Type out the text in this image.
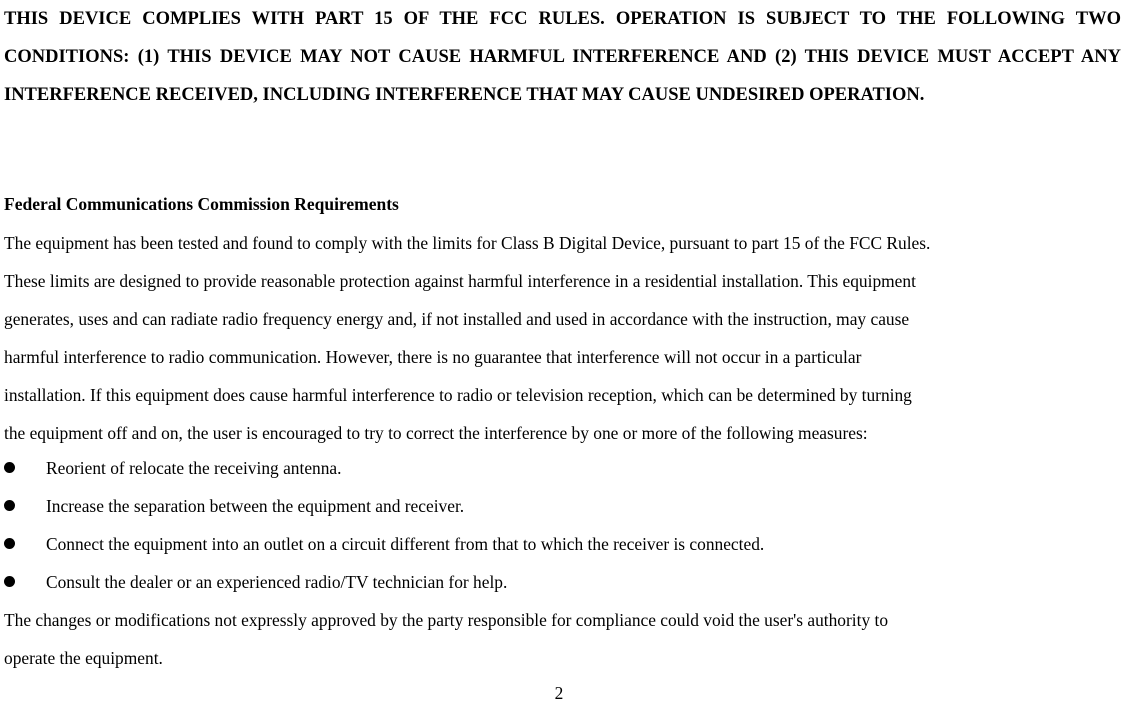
THIS DEVICE COMPLIES WITH PART 15 OF THE FCC RULES. OPERATION IS SUBJECT TO THE FOLLOWING TWO CONDITIONS: (1) THIS DEVICE MAY NOT CAUSE HARMFUL INTERFERENCE AND (2) THIS DEVICE MUST ACCEPT ANY INTERFERENCE RECEIVED, INCLUDING INTERFERENCE THAT MAY CAUSE UNDESIRED OPERATION.

Federal Communications Commission Requirements

The equipment has been tested and found to comply with the limits for Class B Digital Device, pursuant to part 15 of the FCC Rules.

These limits are designed to provide reasonable protection against harmful interference in a residential installation. This equipment

generates, uses and can radiate radio frequency energy and, if not installed and used in accordance with the instruction, may cause

harmful interference to radio communication. However, there is no guarantee that interference will not occur in a particular

installation. If this equipment does cause harmful interference to radio or television reception, which can be determined by turning

the equipment off and on, the user is encouraged to try to correct the interference by one or more of the following measures:

Reorient of relocate the receiving antenna.
Increase the separation between the equipment and receiver.
Connect the equipment into an outlet on a circuit different from that to which the receiver is connected.
Consult the dealer or an experienced radio/TV technician for help.

The changes or modifications not expressly approved by the party responsible for compliance could void the user's authority to

operate the equipment.

2
